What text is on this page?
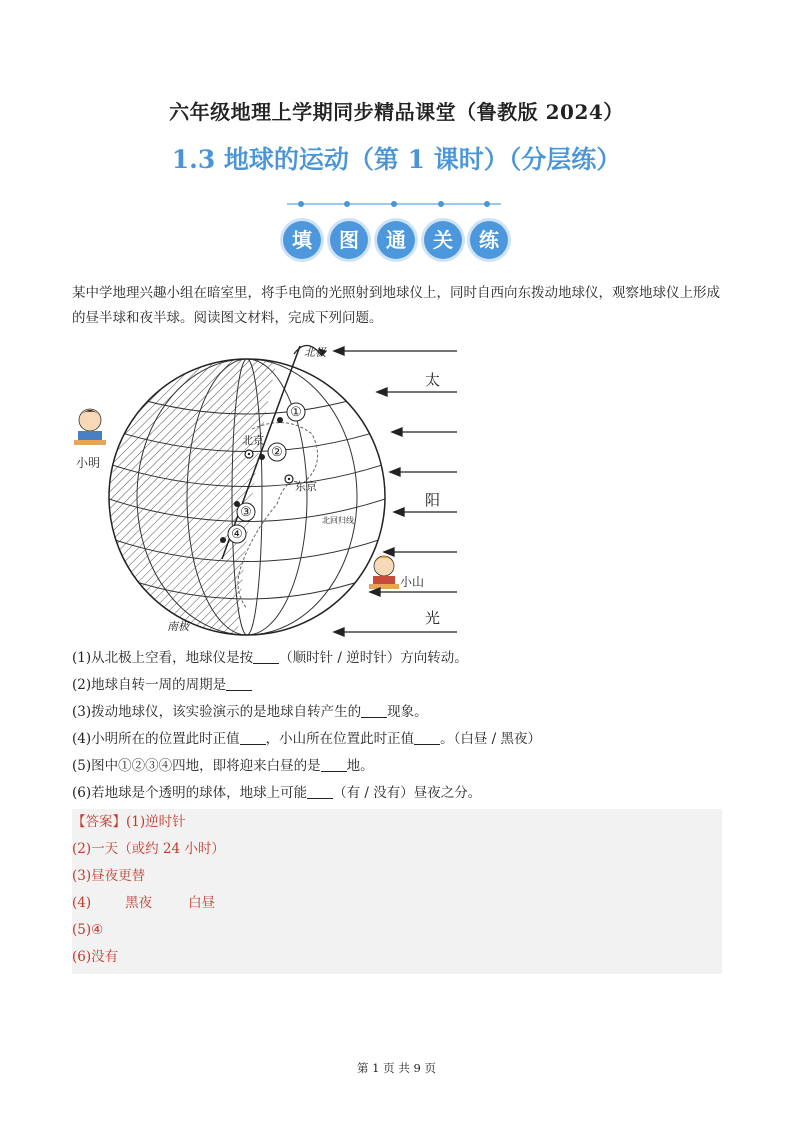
六年级地理上学期同步精品课堂（鲁教版 2024）
1.3 地球的运动（第 1 课时）（分层练）
填	图	通	关	练
某中学地理兴趣小组在暗室里，将手电筒的光照射到地球仪上，同时自西向东拨动地球仪，观察地球仪上形成的昼半球和夜半球。阅读图文材料，完成下列问题。
北极
南极
①
②
北京
东京
北回归线
③
④
小明
小山
太
阳
光
(1)从北极上空看，地球仪是按 （顺时针 / 逆时针）方向转动。
(2)地球自转一周的周期是
(3)拨动地球仪，该实验演示的是地球自转产生的 现象。
(4)小明所在的位置此时正值 ，小山所在位置此时正值 。（白昼 / 黑夜）
(5)图中①②③④四地，即将迎来白昼的是 地。
(6)若地球是个透明的球体，地球上可能 （有 / 没有）昼夜之分。
【答案】(1)逆时针
(2)一天（或约 24 小时）
(3)昼夜更替
(4)	黑夜	白昼
(5)④
(6)没有
第 1 页 共 9 页
